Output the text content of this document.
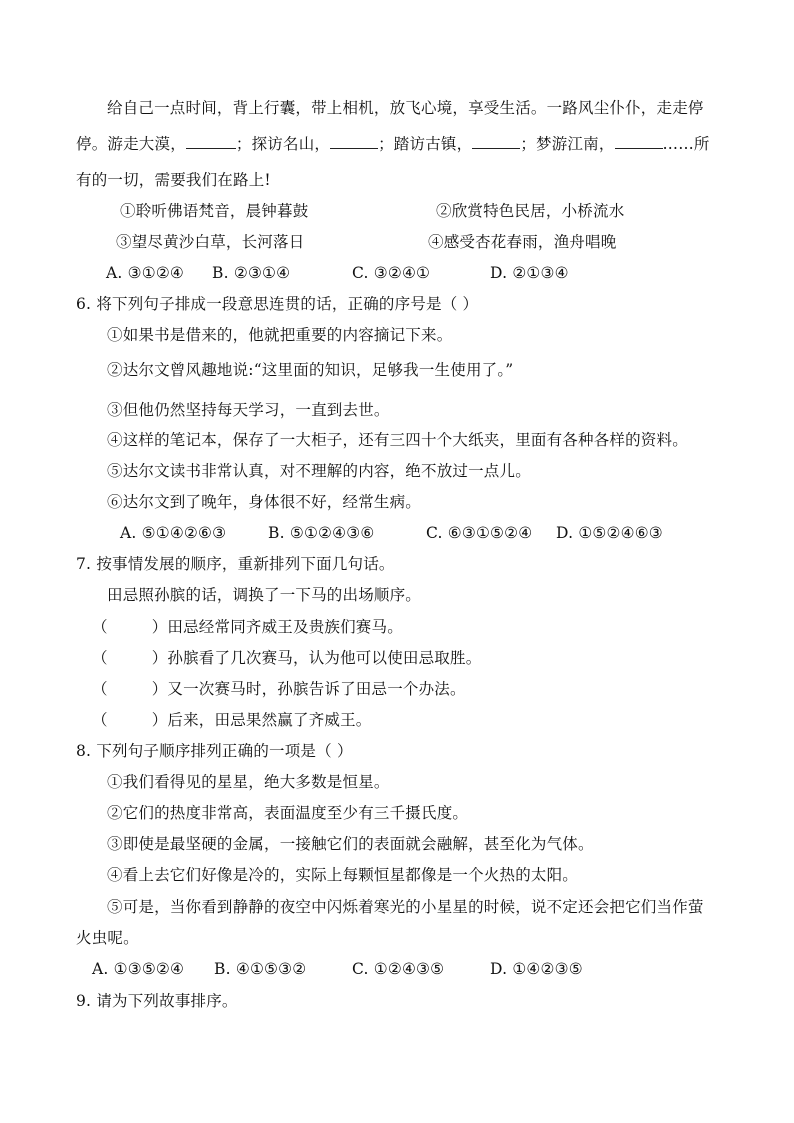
给自己一点时间，背上行囊，带上相机，放飞心境，享受生活。一路风尘仆仆，走走停
停。游走大漠，	；探访名山，	；踏访古镇，	；梦游江南，	……所
有的一切，需要我们在路上!
①聆听佛语梵音，晨钟暮鼓	②欣赏特色民居，小桥流水
③望尽黄沙白草，长河落日	④感受杏花春雨，渔舟唱晚
A. ③①②④ B. ②③①④	C. ③②④①	D. ②①③④
6. 将下列句子排成一段意思连贯的话，正确的序号是（ ）
①如果书是借来的，他就把重要的内容摘记下来。
②达尔文曾风趣地说:“这里面的知识，足够我一生使用了。”
③但他仍然坚持每天学习，一直到去世。
④这样的笔记本，保存了一大柜子，还有三四十个大纸夹，里面有各种各样的资料。
⑤达尔文读书非常认真，对不理解的内容，绝不放过一点儿。
⑥达尔文到了晚年，身体很不好，经常生病。
A. ⑤①④②⑥③	B. ⑤①②④③⑥	C. ⑥③①⑤②④ D. ①⑤②④⑥③
7. 按事情发展的顺序，重新排列下面几句话。
田忌照孙膑的话，调换了一下马的出场顺序。
（	）田忌经常同齐威王及贵族们赛马。
（	）孙膑看了几次赛马，认为他可以使田忌取胜。
（	）又一次赛马时，孙膑告诉了田忌一个办法。
（	）后来，田忌果然赢了齐威王。
8. 下列句子顺序排列正确的一项是（ ）
①我们看得见的星星，绝大多数是恒星。
②它们的热度非常高，表面温度至少有三千摄氏度。
③即使是最坚硬的金属，一接触它们的表面就会融解，甚至化为气体。
④看上去它们好像是冷的，实际上每颗恒星都像是一个火热的太阳。
⑤可是，当你看到静静的夜空中闪烁着寒光的小星星的时候，说不定还会把它们当作萤
火虫呢。
A. ①③⑤②④ B. ④①⑤③②	C. ①②④③⑤	D. ①④②③⑤
9. 请为下列故事排序。
